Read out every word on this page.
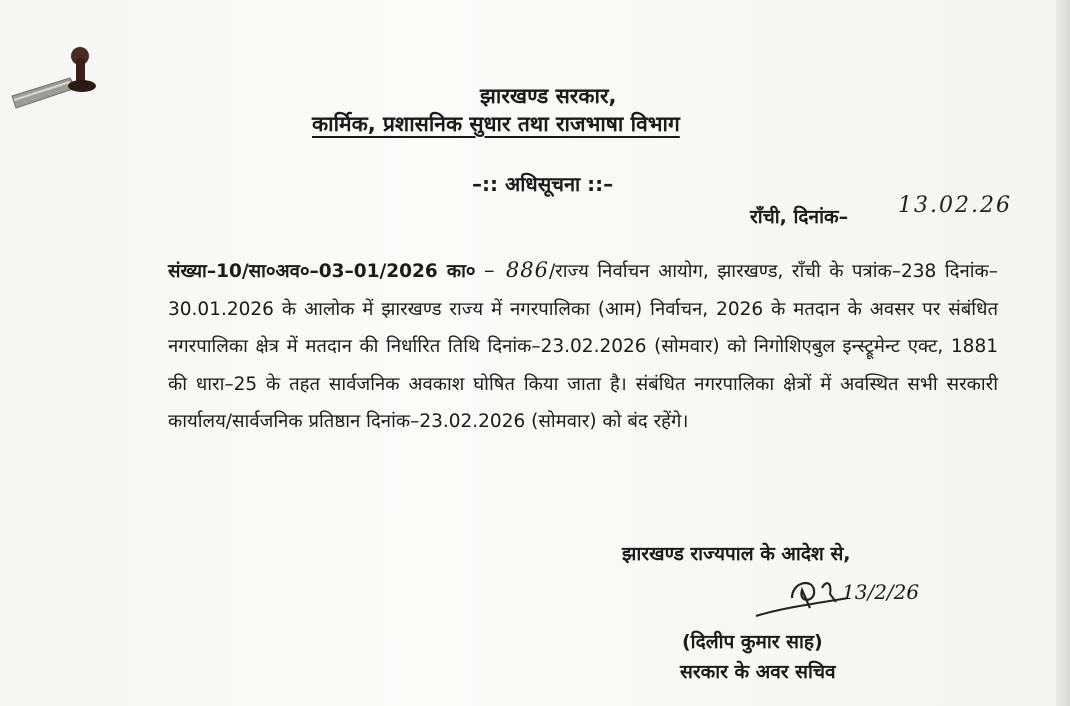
झारखण्ड सरकार,
कार्मिक, प्रशासनिक सुधार तथा राजभाषा विभाग
–:: अधिसूचना ::–
राँची, दिनांक– 13.02.26
संख्या–10/सा०अव०–03–01/2026 का० – 886/राज्य निर्वाचन आयोग, झारखण्ड, राँची के पत्रांक–238 दिनांक–30.01.2026 के आलोक में झारखण्ड राज्य में नगरपालिका (आम) निर्वाचन, 2026 के मतदान के अवसर पर संबंधित नगरपालिका क्षेत्र में मतदान की निर्धारित तिथि दिनांक–23.02.2026 (सोमवार) को निगोशिएबुल इन्स्ट्रूमेन्ट एक्ट, 1881 की धारा–25 के तहत सार्वजनिक अवकाश घोषित किया जाता है। संबंधित नगरपालिका क्षेत्रों में अवस्थित सभी सरकारी कार्यालय/सार्वजनिक प्रतिष्ठान दिनांक–23.02.2026 (सोमवार) को बंद रहेंगे।
झारखण्ड राज्यपाल के आदेश से,
13/2/26
(दिलीप कुमार साह)
सरकार के अवर सचिव
